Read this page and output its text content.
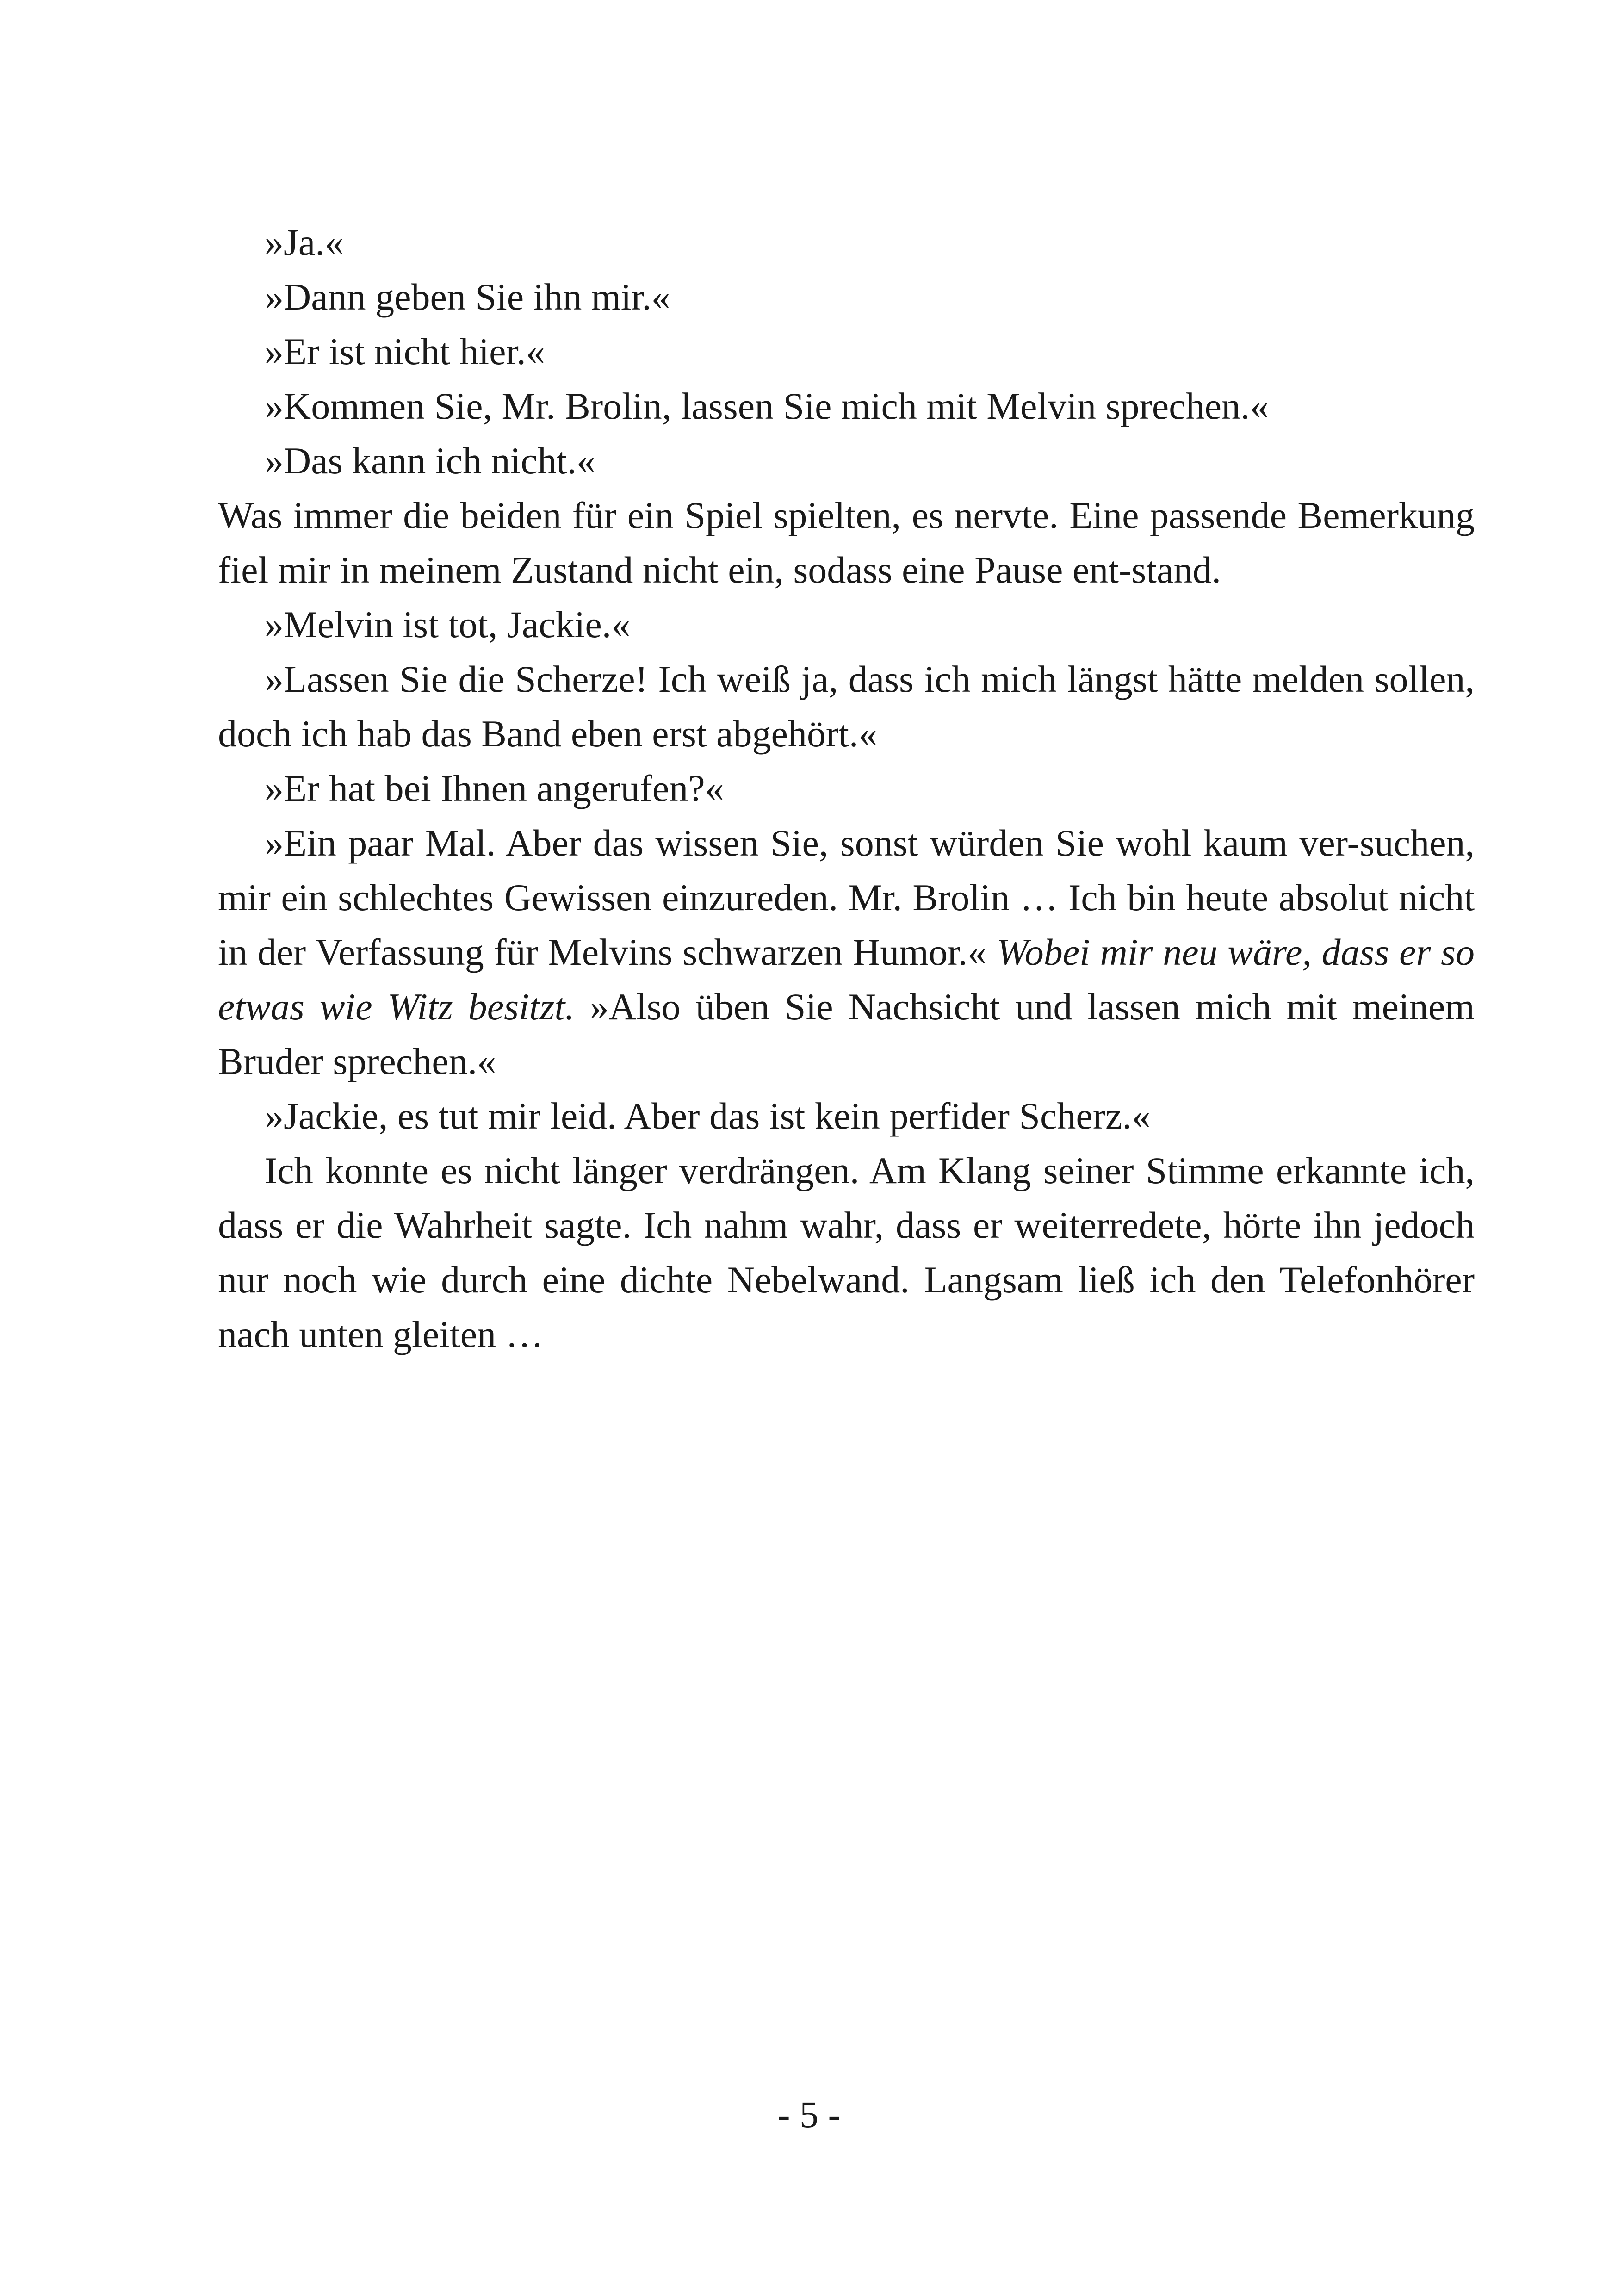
»Ja.«

»Dann geben Sie ihn mir.«

»Er ist nicht hier.«

»Kommen Sie, Mr. Brolin, lassen Sie mich mit Melvin sprechen.«

»Das kann ich nicht.«

Was immer die beiden für ein Spiel spielten, es nervte. Eine passende Bemerkung fiel mir in meinem Zustand nicht ein, sodass eine Pause ent-stand.

»Melvin ist tot, Jackie.«

»Lassen Sie die Scherze! Ich weiß ja, dass ich mich längst hätte melden sollen, doch ich hab das Band eben erst abgehört.«

»Er hat bei Ihnen angerufen?«

»Ein paar Mal. Aber das wissen Sie, sonst würden Sie wohl kaum ver-suchen, mir ein schlechtes Gewissen einzureden. Mr. Brolin … Ich bin heute absolut nicht in der Verfassung für Melvins schwarzen Humor.« Wobei mir neu wäre, dass er so etwas wie Witz besitzt. »Also üben Sie Nachsicht und lassen mich mit meinem Bruder sprechen.«

»Jackie, es tut mir leid. Aber das ist kein perfider Scherz.«

Ich konnte es nicht länger verdrängen. Am Klang seiner Stimme erkannte ich, dass er die Wahrheit sagte. Ich nahm wahr, dass er weiterredete, hörte ihn jedoch nur noch wie durch eine dichte Nebelwand. Langsam ließ ich den Telefonhörer nach unten gleiten …

- 5 -
